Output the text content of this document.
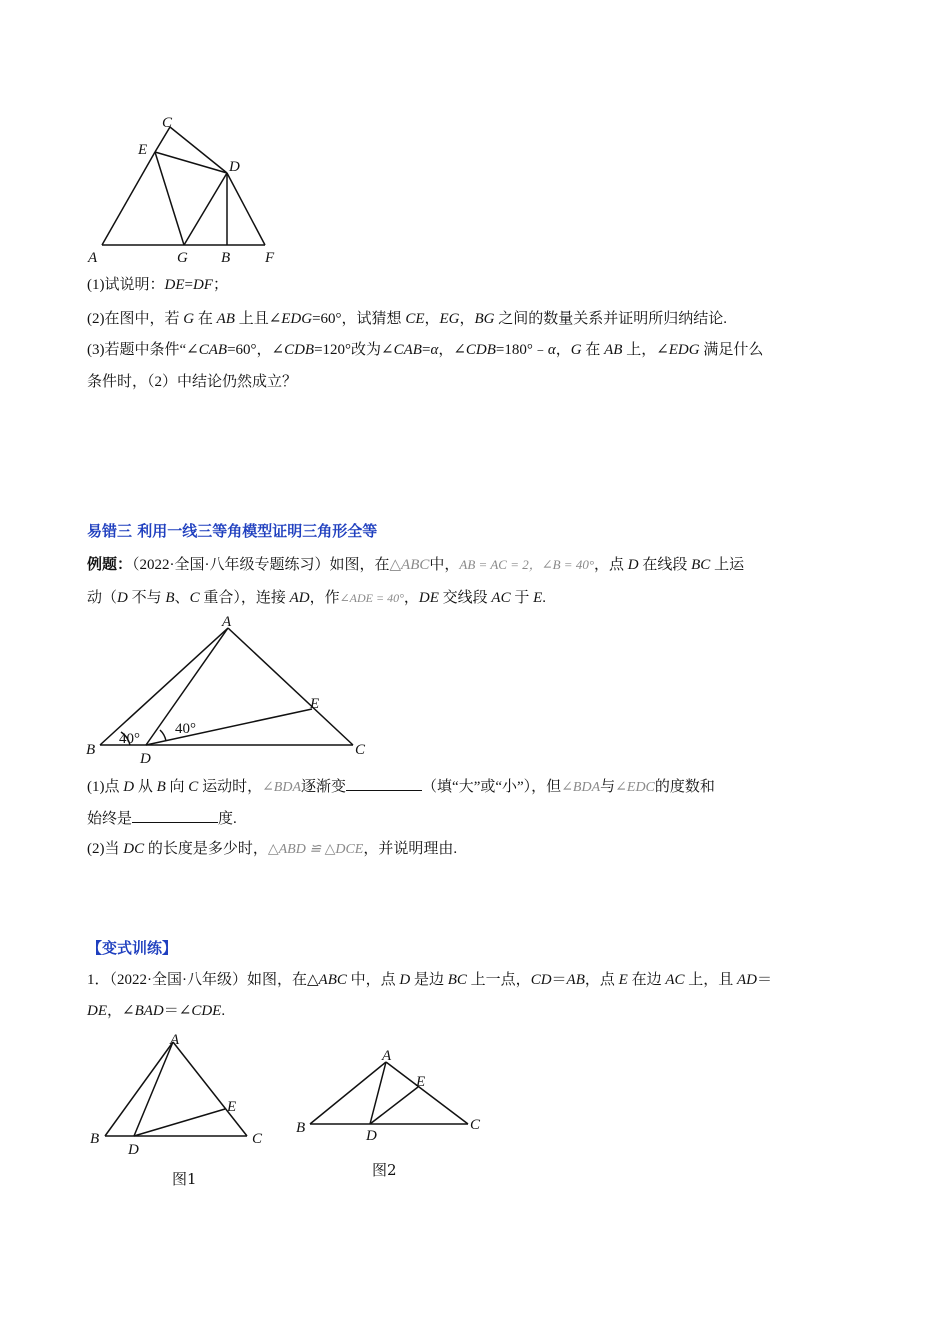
C
E
D
A	G B F
(1)试说明：DE=DF；
(2)在图中，若 G 在 AB 上且∠EDG=60°，试猜想 CE，EG，BG 之间的数量关系并证明所归纳结论.
(3)若题中条件“∠CAB=60°，∠CDB=120°改为∠CAB=α，∠CDB=180°﹣α，G 在 AB 上，∠EDG 满足什么
条件时，（2）中结论仍然成立？
易错三 利用一线三等角模型证明三角形全等
例题：（2022·全国·八年级专题练习）如图，在△ABC中，AB = AC = 2，∠B = 40°，点 D 在线段 BC 上运
动（D 不与 B、C 重合），连接 AD，作∠ADE = 40°，DE 交线段 AC 于 E.
A
B	C
D
E
40°
40°
(1)点 D 从 B 向 C 运动时，∠BDA逐渐变	（填“大”或“小”），但∠BDA与∠EDC的度数和
始终是	度.
(2)当 DC 的长度是多少时，△ABD ≌ △DCE，并说明理由.
【变式训练】
1．（2022·全国·八年级）如图，在△ABC 中，点 D 是边 BC 上一点，CD＝AB，点 E 在边 AC 上，且 AD＝
DE，∠BAD＝∠CDE.
A
B	C
D
E
图1
A
B	C
D
E
图2
